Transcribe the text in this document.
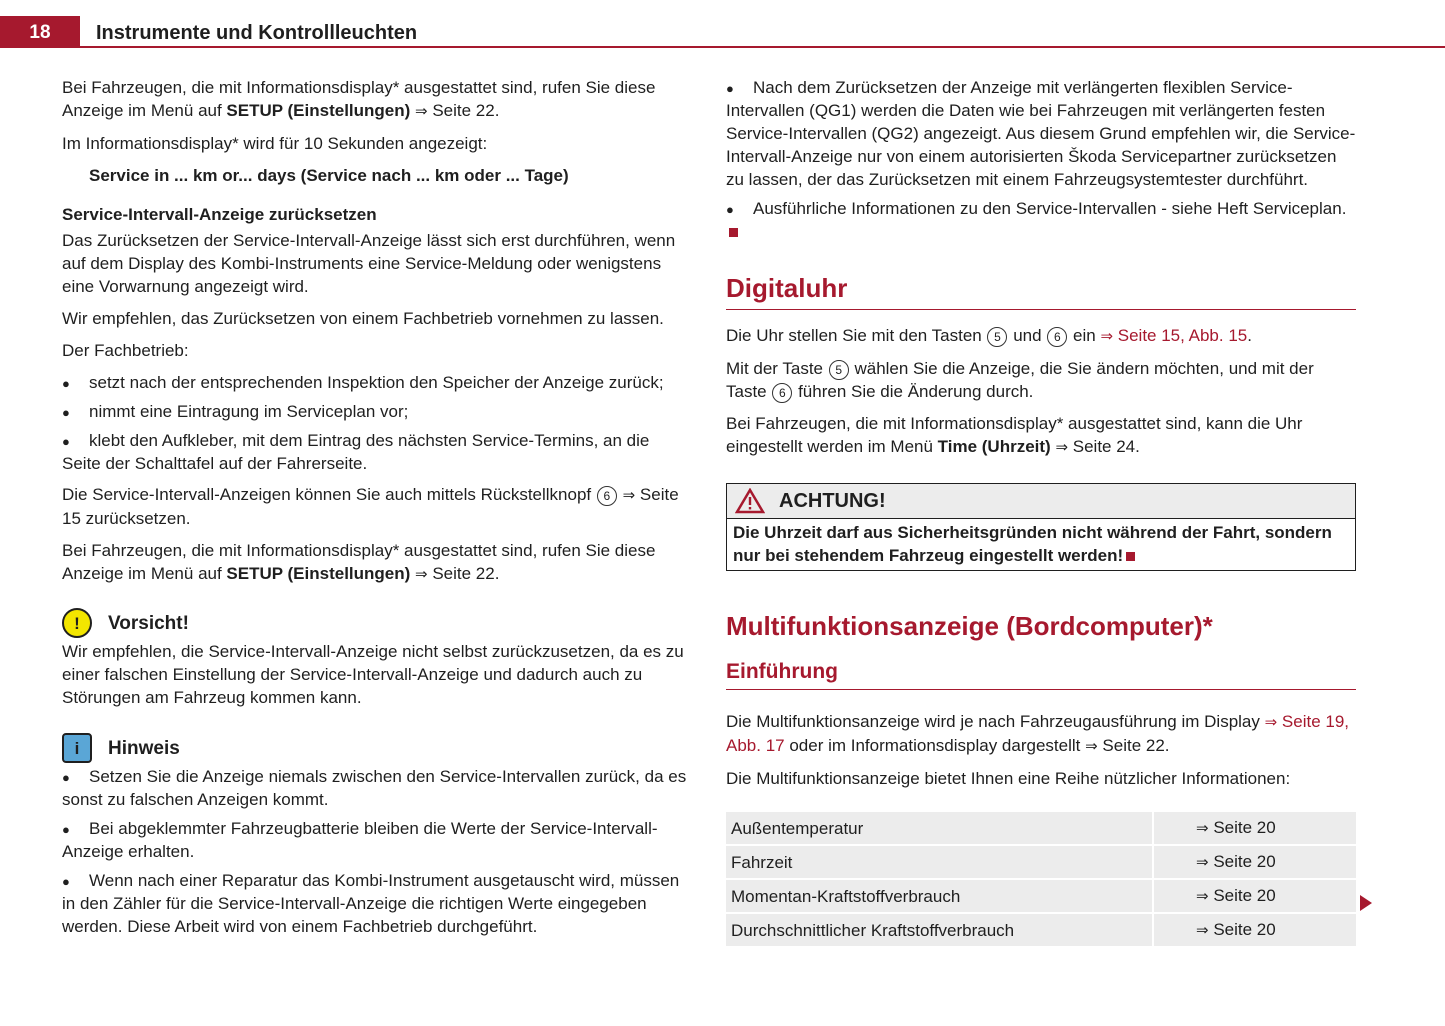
18	Instrumente und Kontrollleuchten

Bei Fahrzeugen, die mit Informationsdisplay* ausgestattet sind, rufen Sie diese Anzeige im Menü auf SETUP (Einstellungen) ⇒ Seite 22.

Im Informationsdisplay* wird für 10 Sekunden angezeigt:

Service in ... km or... days (Service nach ... km oder ... Tage)

Service-Intervall-Anzeige zurücksetzen

Das Zurücksetzen der Service-Intervall-Anzeige lässt sich erst durchführen, wenn auf dem Display des Kombi-Instruments eine Service-Meldung oder wenigstens eine Vorwarnung angezeigt wird.

Wir empfehlen, das Zurücksetzen von einem Fachbetrieb vornehmen zu lassen.

Der Fachbetrieb:

●
setzt nach der entsprechenden Inspektion den Speicher der Anzeige zurück;
●
nimmt eine Eintragung im Serviceplan vor;
●
klebt den Aufkleber, mit dem Eintrag des nächsten Service-Termins, an die Seite der Schalttafel auf der Fahrerseite.

Die Service-Intervall-Anzeigen können Sie auch mittels Rückstellknopf 6 ⇒ Seite 15 zurücksetzen.

Bei Fahrzeugen, die mit Informationsdisplay* ausgestattet sind, rufen Sie diese Anzeige im Menü auf SETUP (Einstellungen) ⇒ Seite 22.

!	Vorsicht!

Wir empfehlen, die Service-Intervall-Anzeige nicht selbst zurückzusetzen, da es zu einer falschen Einstellung der Service-Intervall-Anzeige und dadurch auch zu Störungen am Fahrzeug kommen kann.

i	Hinweis
●
Setzen Sie die Anzeige niemals zwischen den Service-Intervallen zurück, da es sonst zu falschen Anzeigen kommt.
●
Bei abgeklemmter Fahrzeugbatterie bleiben die Werte der Service-Intervall-Anzeige erhalten.
●
Wenn nach einer Reparatur das Kombi-Instrument ausgetauscht wird, müssen in den Zähler für die Service-Intervall-Anzeige die richtigen Werte eingegeben werden. Diese Arbeit wird von einem Fachbetrieb durchgeführt.
●
Nach dem Zurücksetzen der Anzeige mit verlängerten flexiblen Service-Intervallen (QG1) werden die Daten wie bei Fahrzeugen mit verlängerten festen Service-Intervallen (QG2) angezeigt. Aus diesem Grund empfehlen wir, die Service-Intervall-Anzeige nur von einem autorisierten Škoda Servicepartner zurücksetzen zu lassen, der das Zurücksetzen mit einem Fahrzeugsystemtester durchführt.
●
Ausführliche Informationen zu den Service-Intervallen - siehe Heft Serviceplan.
Digitaluhr

Die Uhr stellen Sie mit den Tasten 5 und 6 ein ⇒ Seite 15, Abb. 15.

Mit der Taste 5 wählen Sie die Anzeige, die Sie ändern möchten, und mit der Taste 6 führen Sie die Änderung durch.

Bei Fahrzeugen, die mit Informationsdisplay* ausgestattet sind, kann die Uhr eingestellt werden im Menü Time (Uhrzeit) ⇒ Seite 24.

ACHTUNG!
Die Uhrzeit darf aus Sicherheitsgründen nicht während der Fahrt, sondern nur bei stehendem Fahrzeug eingestellt werden!
Multifunktionsanzeige (Bordcomputer)*
Einführung

Die Multifunktionsanzeige wird je nach Fahrzeugausführung im Display ⇒ Seite 19, Abb. 17 oder im Informationsdisplay dargestellt ⇒ Seite 22.

Die Multifunktionsanzeige bietet Ihnen eine Reihe nützlicher Informationen:

Außentemperatur	⇒ Seite 20
Fahrzeit	⇒ Seite 20
Momentan-Kraftstoffverbrauch	⇒ Seite 20
Durchschnittlicher Kraftstoffverbrauch	⇒ Seite 20
